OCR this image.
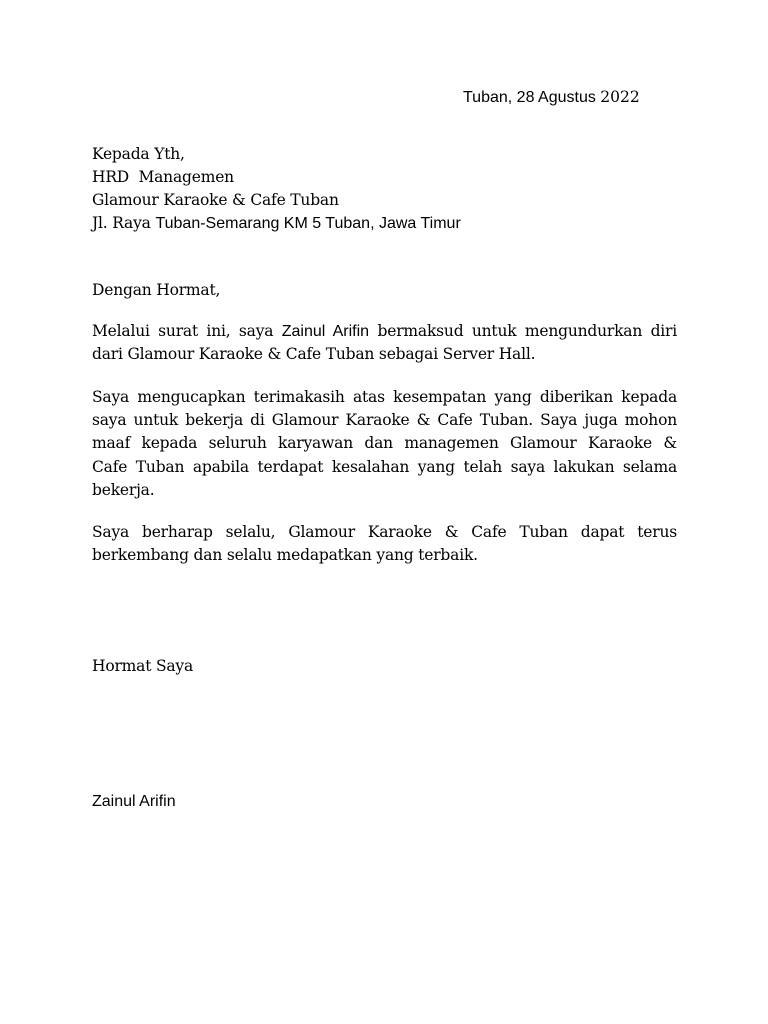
Tuban, 28 Agustus 2022
Kepada Yth,
HRD  Managemen
Glamour Karaoke & Cafe Tuban
Jl. Raya Tuban-Semarang KM 5 Tuban, Jawa Timur
Dengan Hormat,
Melalui surat ini, saya Zainul Arifin bermaksud untuk mengundurkan diri
dari Glamour Karaoke & Cafe Tuban sebagai Server Hall.
Saya mengucapkan terimakasih atas kesempatan yang diberikan kepada
saya untuk bekerja di Glamour Karaoke & Cafe Tuban. Saya juga mohon
maaf kepada seluruh karyawan dan managemen Glamour Karaoke &
Cafe Tuban apabila terdapat kesalahan yang telah saya lakukan selama
bekerja.
Saya berharap selalu, Glamour Karaoke & Cafe Tuban dapat terus
berkembang dan selalu medapatkan yang terbaik.
Hormat Saya
Zainul Arifin
